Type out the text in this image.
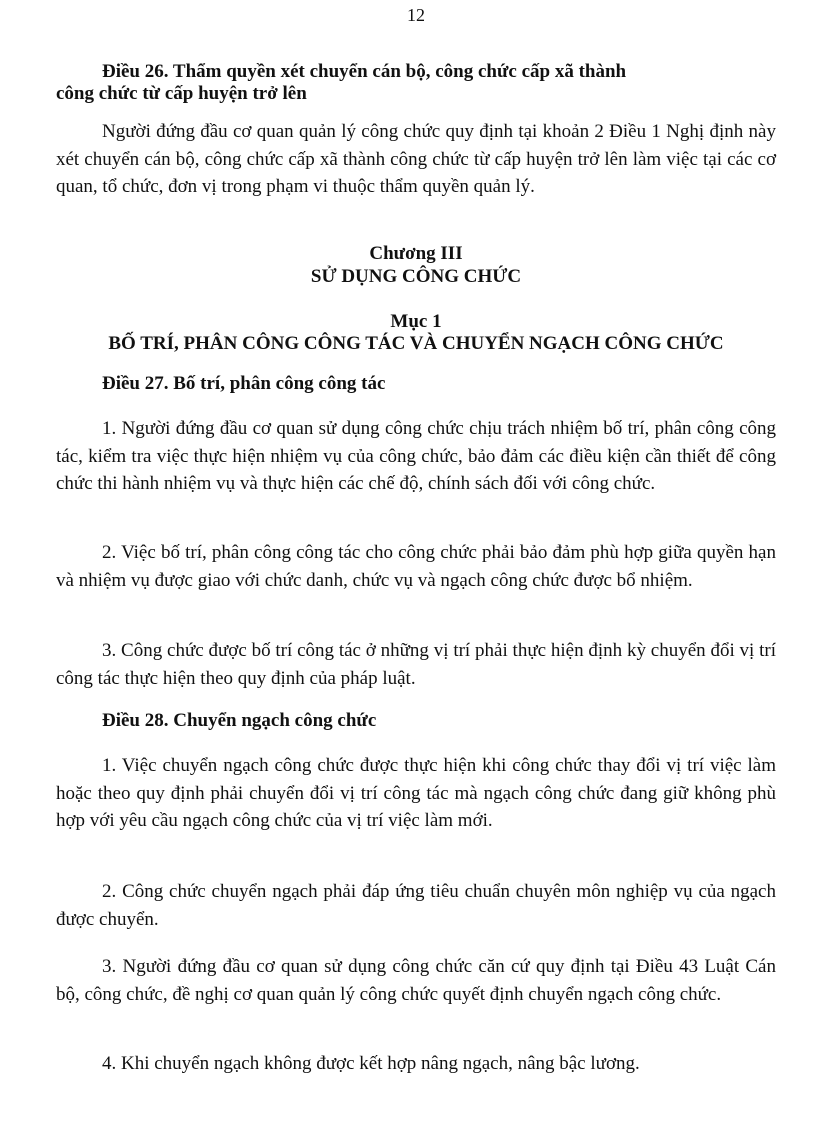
12
Điều 26. Thẩm quyền xét chuyển cán bộ, công chức cấp xã thành
công chức từ cấp huyện trở lên

Người đứng đầu cơ quan quản lý công chức quy định tại khoản 2 Điều 1 Nghị định này xét chuyển cán bộ, công chức cấp xã thành công chức từ cấp huyện trở lên làm việc tại các cơ quan, tổ chức, đơn vị trong phạm vi thuộc thẩm quyền quản lý.

Chương III
SỬ DỤNG CÔNG CHỨC
Mục 1
BỐ TRÍ, PHÂN CÔNG CÔNG TÁC VÀ CHUYỂN NGẠCH CÔNG CHỨC
Điều 27. Bố trí, phân công công tác

1. Người đứng đầu cơ quan sử dụng công chức chịu trách nhiệm bố trí, phân công công tác, kiểm tra việc thực hiện nhiệm vụ của công chức, bảo đảm các điều kiện cần thiết để công chức thi hành nhiệm vụ và thực hiện các chế độ, chính sách đối với công chức.

2. Việc bố trí, phân công công tác cho công chức phải bảo đảm phù hợp giữa quyền hạn và nhiệm vụ được giao với chức danh, chức vụ và ngạch công chức được bổ nhiệm.

3. Công chức được bố trí công tác ở những vị trí phải thực hiện định kỳ chuyển đổi vị trí công tác thực hiện theo quy định của pháp luật.

Điều 28. Chuyển ngạch công chức

1. Việc chuyển ngạch công chức được thực hiện khi công chức thay đổi vị trí việc làm hoặc theo quy định phải chuyển đổi vị trí công tác mà ngạch công chức đang giữ không phù hợp với yêu cầu ngạch công chức của vị trí việc làm mới.

2. Công chức chuyển ngạch phải đáp ứng tiêu chuẩn chuyên môn nghiệp vụ của ngạch được chuyển.

3. Người đứng đầu cơ quan sử dụng công chức căn cứ quy định tại Điều 43 Luật Cán bộ, công chức, đề nghị cơ quan quản lý công chức quyết định chuyển ngạch công chức.

4. Khi chuyển ngạch không được kết hợp nâng ngạch, nâng bậc lương.
